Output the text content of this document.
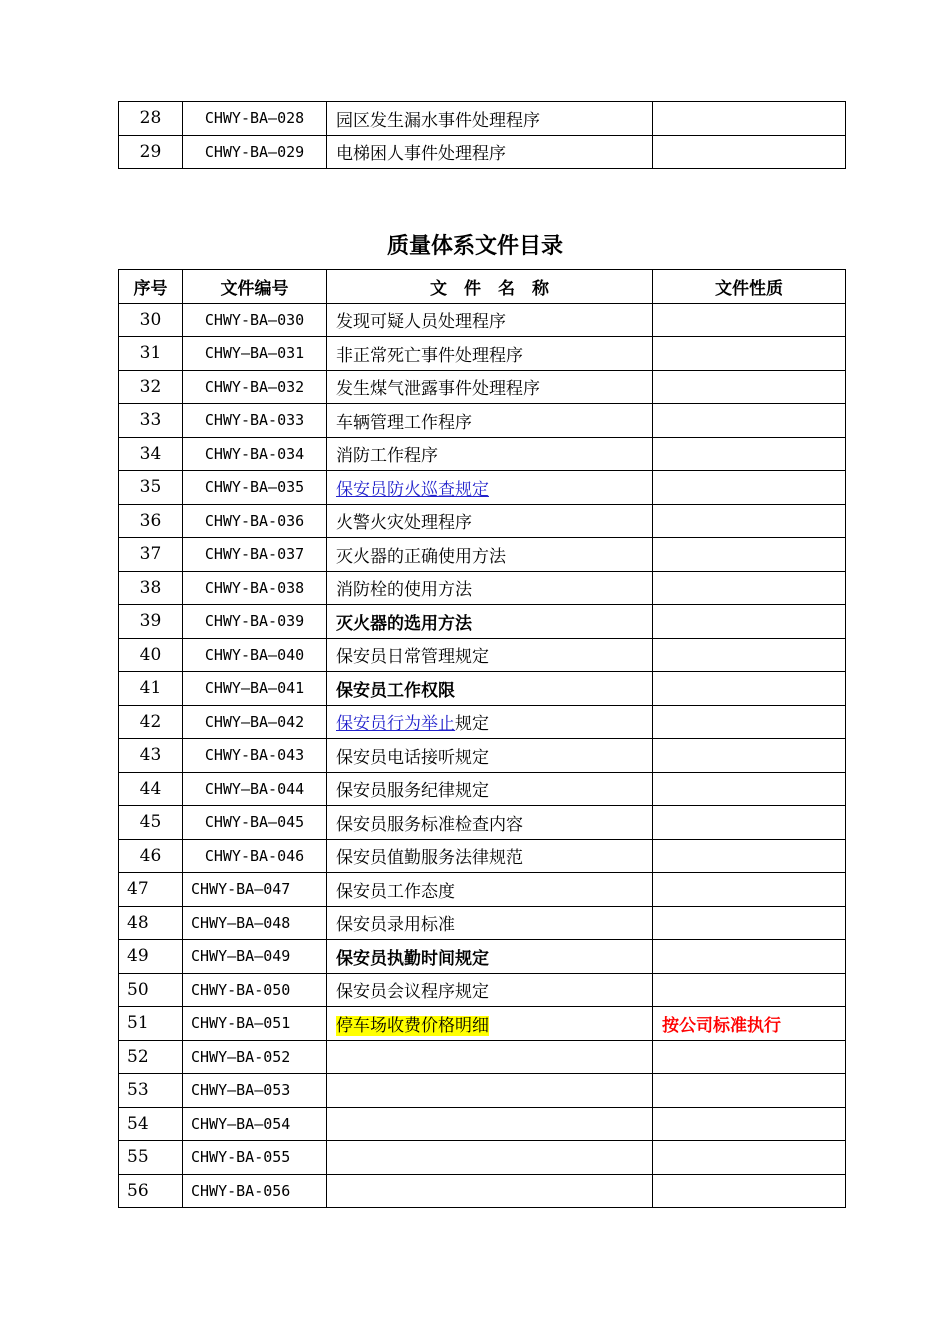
28	CHWY-BA—028	园区发生漏水事件处理程序	
29	CHWY-BA—029	电梯困人事件处理程序	
质量体系文件目录
序号	文件编号	文　件　名　称	文件性质
30	CHWY-BA—030	发现可疑人员处理程序	
31	CHWY—BA—031	非正常死亡事件处理程序	
32	CHWY-BA—032	发生煤气泄露事件处理程序	
33	CHWY-BA-033	车辆管理工作程序	
34	CHWY-BA-034	消防工作程序	
35	CHWY-BA—035	保安员防火巡查规定	
36	CHWY-BA-036	火警火灾处理程序	
37	CHWY-BA-037	灭火器的正确使用方法	
38	CHWY-BA-038	消防栓的使用方法	
39	CHWY-BA-039	灭火器的选用方法	
40	CHWY-BA—040	保安员日常管理规定	
41	CHWY—BA—041	保安员工作权限	
42	CHWY—BA—042	保安员行为举止规定	
43	CHWY-BA-043	保安员电话接听规定	
44	CHWY—BA-044	保安员服务纪律规定	
45	CHWY-BA—045	保安员服务标准检查内容	
46	CHWY-BA-046	保安员值勤服务法律规范	
47	CHWY-BA—047	保安员工作态度	
48	CHWY—BA—048	保安员录用标准	
49	CHWY—BA—049	保安员执勤时间规定	
50	CHWY-BA-050	保安员会议程序规定	
51	CHWY-BA—051	停车场收费价格明细	按公司标准执行
52	CHWY—BA-052		
53	CHWY—BA—053		
54	CHWY—BA—054		
55	CHWY-BA-055		
56	CHWY-BA-056		
